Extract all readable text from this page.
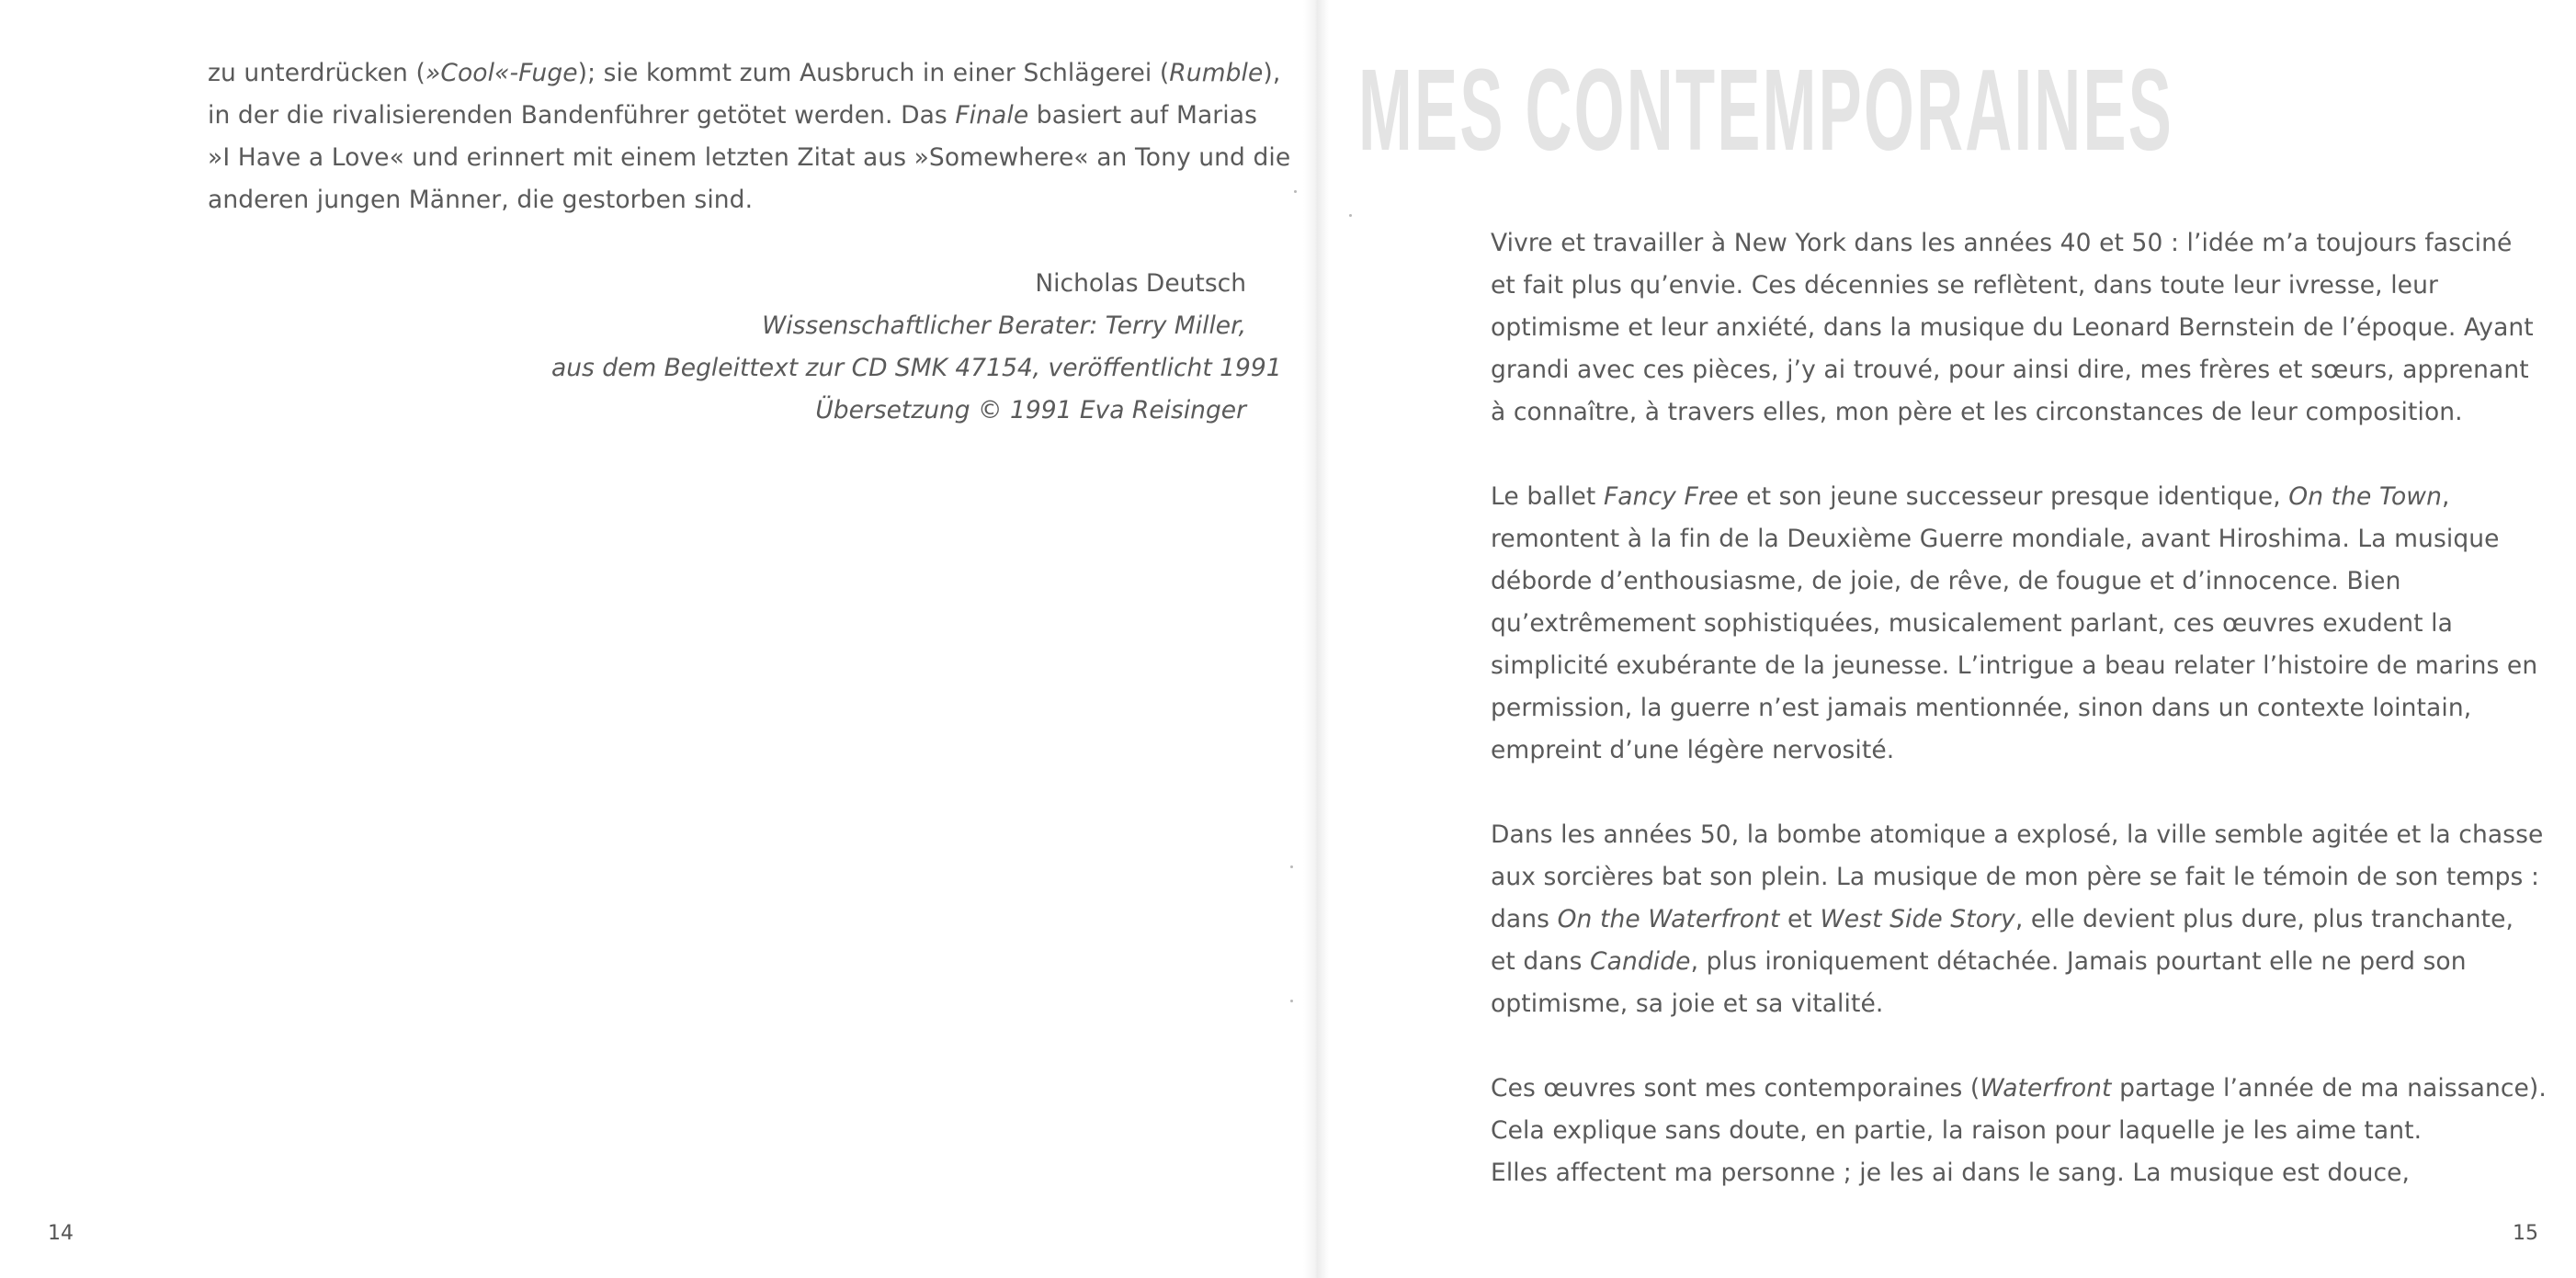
zu unterdrücken (»Cool«-Fuge); sie kommt zum Ausbruch in einer Schlägerei (Rumble),
in der die rivalisierenden Bandenführer getötet werden. Das Finale basiert auf Marias
»I Have a Love« und erinnert mit einem letzten Zitat aus »Somewhere« an Tony und die
anderen jungen Männer, die gestorben sind.

Nicholas Deutsch
Wissenschaftlicher Berater: Terry Miller,
aus dem Begleittext zur CD SMK 47154, veröffentlicht 1991
Übersetzung © 1991 Eva Reisinger
14
MES CONTEMPORAINES

Vivre et travailler à New York dans les années 40 et 50 : l’idée m’a toujours fasciné
et fait plus qu’envie. Ces décennies se reflètent, dans toute leur ivresse, leur
optimisme et leur anxiété, dans la musique du Leonard Bernstein de l’époque. Ayant
grandi avec ces pièces, j’y ai trouvé, pour ainsi dire, mes frères et sœurs, apprenant
à connaître, à travers elles, mon père et les circonstances de leur composition.

Le ballet Fancy Free et son jeune successeur presque identique, On the Town,
remontent à la fin de la Deuxième Guerre mondiale, avant Hiroshima. La musique
déborde d’enthousiasme, de joie, de rêve, de fougue et d’innocence. Bien
qu’extrêmement sophistiquées, musicalement parlant, ces œuvres exudent la
simplicité exubérante de la jeunesse. L’intrigue a beau relater l’histoire de marins en
permission, la guerre n’est jamais mentionnée, sinon dans un contexte lointain,
empreint d’une légère nervosité.

Dans les années 50, la bombe atomique a explosé, la ville semble agitée et la chasse
aux sorcières bat son plein. La musique de mon père se fait le témoin de son temps :
dans On the Waterfront et West Side Story, elle devient plus dure, plus tranchante,
et dans Candide, plus ironiquement détachée. Jamais pourtant elle ne perd son
optimisme, sa joie et sa vitalité.

Ces œuvres sont mes contemporaines (Waterfront partage l’année de ma naissance).
Cela explique sans doute, en partie, la raison pour laquelle je les aime tant.
Elles affectent ma personne ; je les ai dans le sang. La musique est douce,

15
